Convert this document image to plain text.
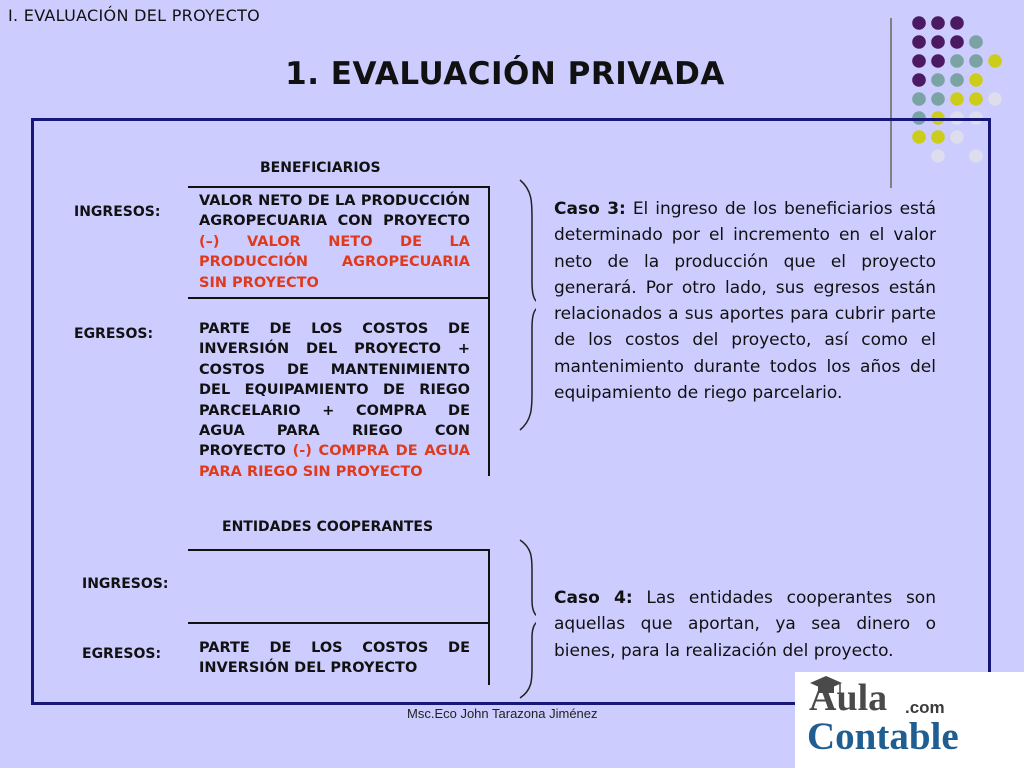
I. EVALUACIÓN DEL PROYECTO
1. EVALUACIÓN PRIVADA
BENEFICIARIOS
INGRESOS:
EGRESOS:
VALOR NETO DE LA PRODUCCIÓN AGROPECUARIA CON PROYECTO (–) VALOR NETO DE LA PRODUCCIÓN AGROPECUARIA SIN PROYECTO
PARTE DE LOS COSTOS DE INVERSIÓN DEL PROYECTO + COSTOS DE MANTENIMIENTO DEL EQUIPAMIENTO DE RIEGO PARCELARIO + COMPRA DE AGUA PARA RIEGO CON PROYECTO (-) COMPRA DE AGUA PARA RIEGO SIN PROYECTO
Caso 3: El ingreso de los beneficiarios está determinado por el incremento en el valor neto de la producción que el proyecto generará. Por otro lado, sus egresos están relacionados a sus aportes para cubrir parte de los costos del proyecto, así como el mantenimiento durante todos los años del equipamiento de riego parcelario.
ENTIDADES COOPERANTES
INGRESOS:
EGRESOS:	PARTE DE LOS COSTOS DE INVERSIÓN DEL PROYECTO
Caso 4: Las entidades cooperantes son aquellas que aportan, ya sea dinero o bienes, para la realización del proyecto.
Msc.Eco John Tarazona Jiménez	Aula .com
Contable
